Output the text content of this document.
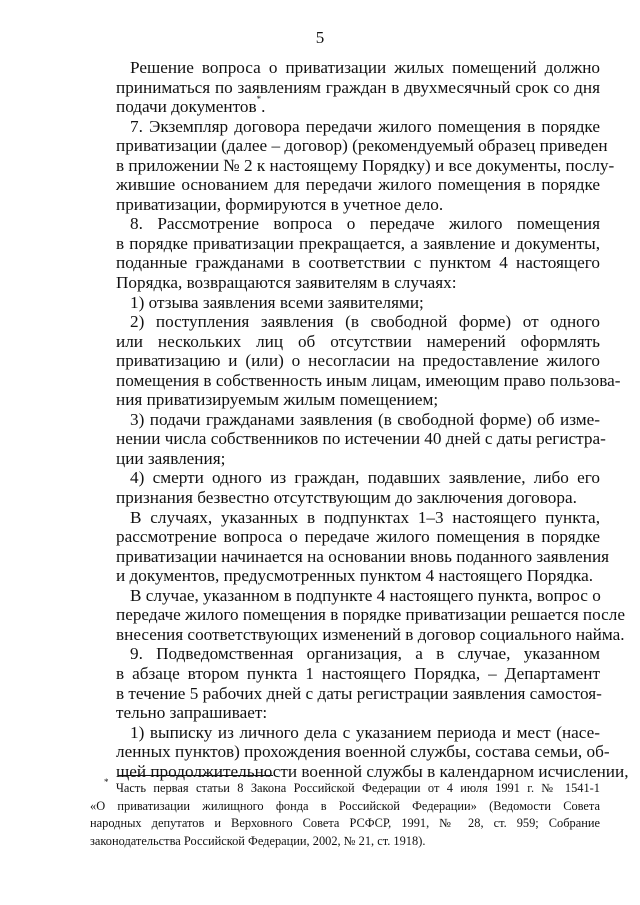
5
Решение вопроса о приватизации жилых помещений должно
приниматься по заявлениям граждан в двухмесячный срок со дня
подачи документов*.
7. Экземпляр договора передачи жилого помещения в порядке
приватизации (далее – договор) (рекомендуемый образец приведен
в приложении № 2 к настоящему Порядку) и все документы, послу-
жившие основанием для передачи жилого помещения в порядке
приватизации, формируются в учетное дело.
8. Рассмотрение вопроса о передаче жилого помещения
в порядке приватизации прекращается, а заявление и документы,
поданные гражданами в соответствии с пунктом 4 настоящего
Порядка, возвращаются заявителям в случаях:
1) отзыва заявления всеми заявителями;
2) поступления заявления (в свободной форме) от одного
или нескольких лиц об отсутствии намерений оформлять
приватизацию и (или) о несогласии на предоставление жилого
помещения в собственность иным лицам, имеющим право пользова-
ния приватизируемым жилым помещением;
3) подачи гражданами заявления (в свободной форме) об изме-
нении числа собственников по истечении 40 дней с даты регистра-
ции заявления;
4) смерти одного из граждан, подавших заявление, либо его
признания безвестно отсутствующим до заключения договора.
В случаях, указанных в подпунктах 1–3 настоящего пункта,
рассмотрение вопроса о передаче жилого помещения в порядке
приватизации начинается на основании вновь поданного заявления
и документов, предусмотренных пунктом 4 настоящего Порядка.
В случае, указанном в подпункте 4 настоящего пункта, вопрос о
передаче жилого помещения в порядке приватизации решается после
внесения соответствующих изменений в договор социального найма.
9. Подведомственная организация, а в случае, указанном
в абзаце втором пункта 1 настоящего Порядка, – Департамент
в течение 5 рабочих дней с даты регистрации заявления самостоя-
тельно запрашивает:
1) выписку из личного дела с указанием периода и мест (насе-
ленных пунктов) прохождения военной службы, состава семьи, об-
щей продолжительности военной службы в календарном исчислении,
* Часть первая статьи 8 Закона Российской Федерации от 4 июля 1991 г. № 1541-1
«О приватизации жилищного фонда в Российской Федерации» (Ведомости Совета
народных депутатов и Верховного Совета РСФСР, 1991, № 28, ст. 959; Собрание
законодательства Российской Федерации, 2002, № 21, ст. 1918).
